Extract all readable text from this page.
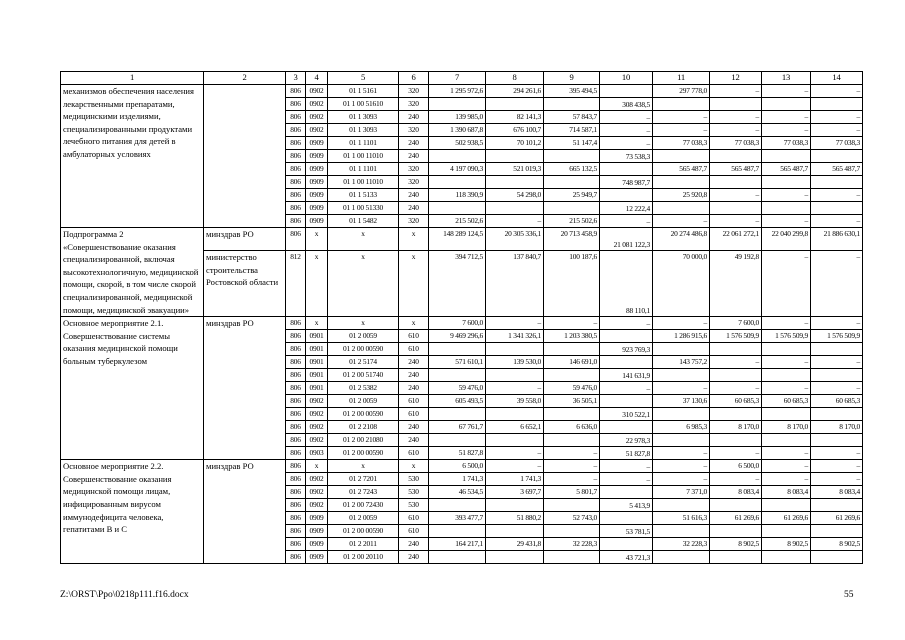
1	2	3	4	5	6	7	8	9	10	11	12	13	14
механизмов обеспечения населения лекарственными препаратами, медицинскими изделиями, специализированными продуктами лечебного питания для детей в амбулаторных условиях		806	0902	01 1 5161	320	1 295 972,6	294 261,6	395 494,5		297 778,0	–	–	–
		806	0902	01 1 00 51610	320				308 438,5				
		806	0902	01 1 3093	240	139 985,0	82 141,3	57 843,7	–	–	–	–	–
		806	0902	01 1 3093	320	1 390 687,8	676 100,7	714 587,1	–	–	–	–	–
		806	0909	01 1 1101	240	502 938,5	70 101,2	51 147,4	–	77 038,3	77 038,3	77 038,3	77 038,3
		806	0909	01 1 00 11010	240				73 538,3				
		806	0909	01 1 1101	320	4 197 090,3	521 019,3	665 132,5		565 487,7	565 487,7	565 487,7	565 487,7
		806	0909	01 1 00 11010	320				748 987,7				
		806	0909	01 1 5133	240	118 390,9	54 298,0	25 949,7		25 920,8	–	–	–
		806	0909	01 1 00 51330	240				12 222,4				
		806	0909	01 1 5482	320	215 502,6	–	215 502,6	–	–	–	–	–
Подпрограмма 2 «Совершенствование оказания специализированной, включая высокотехнологичную, медицинской помощи, скорой, в том числе скорой специализированной, медицинской помощи, медицинской эвакуации»	минздрав РО	806	x	x	x	148 289 124,5	20 305 336,1	20 713 458,9	21 081 122,3	20 274 486,8	22 061 272,1	22 040 299,8	21 886 630,1
	министерство строительства Ростовской области	812	x	x	x	394 712,5	137 840,7	100 187,6	88 110,1	70 000,0	49 192,8	–	–
Основное мероприятие 2.1. Совершенствование системы оказания медицинской помощи больным туберкулезом	минздрав РО	806	x	x	x	7 600,0	–	–	–	–	7 600,0	–	–
		806	0901	01 2 0059	610	9 469 296,6	1 341 326,1	1 203 380,5		1 286 915,6	1 576 509,9	1 576 509,9	1 576 509,9
		806	0901	01 2 00 00590	610				923 769,3				
		806	0901	01 2 5174	240	571 610,1	139 530,0	146 691,0		143 757,2	–	–	–
		806	0901	01 2 00 51740	240				141 631,9				
		806	0901	01 2 5382	240	59 476,0	–	59 476,0	–	–	–	–	–
		806	0902	01 2 0059	610	605 493,5	39 558,0	36 505,1		37 130,6	60 685,3	60 685,3	60 685,3
		806	0902	01 2 00 00590	610				310 522,1				
		806	0902	01 2 2108	240	67 761,7	6 652,1	6 636,0		6 985,3	8 170,0	8 170,0	8 170,0
		806	0902	01 2 00 21080	240				22 978,3				
		806	0903	01 2 00 00590	610	51 827,8	–	–	51 827,8	–	–	–	–
Основное мероприятие 2.2. Совершенствование оказания медицинской помощи лицам, инфицированным вирусом иммунодефицита человека, гепатитами B и C	минздрав РО	806	x	x	x	6 500,0	–	–	–	–	6 500,0	–	–
		806	0902	01 2 7201	530	1 741,3	1 741,3	–	–	–	–	–	–
		806	0902	01 2 7243	530	46 534,5	3 697,7	5 801,7		7 371,0	8 083,4	8 083,4	8 083,4
		806	0902	01 2 00 72430	530				5 413,9				
		806	0909	01 2 0059	610	393 477,7	51 880,2	52 743,0		51 616,3	61 269,6	61 269,6	61 269,6
		806	0909	01 2 00 00590	610				53 781,5				
		806	0909	01 2 2011	240	164 217,1	29 431,8	32 228,3		32 228,3	8 902,5	8 902,5	8 902,5
		806	0909	01 2 00 20110	240				43 721,3				
Z:\ORST\Ppo\0218p111.f16.docx	55
